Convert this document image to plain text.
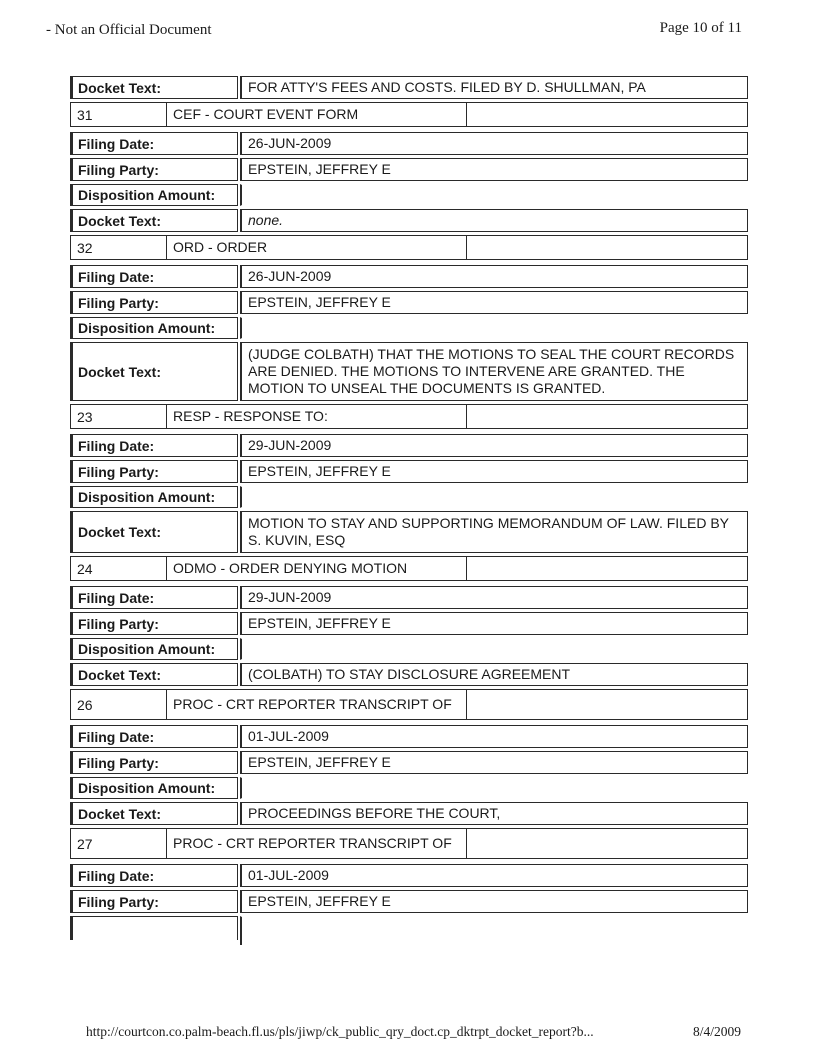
- Not an Official Document	Page 10 of 11
Docket Text:	FOR ATTY'S FEES AND COSTS. FILED BY D. SHULLMAN, PA
31	CEF - COURT EVENT FORM
Filing Date:	26-JUN-2009
Filing Party:	EPSTEIN, JEFFREY E
Disposition Amount:
Docket Text:	none.
32	ORD - ORDER
Filing Date:	26-JUN-2009
Filing Party:	EPSTEIN, JEFFREY E
Disposition Amount:
Docket Text:
(JUDGE COLBATH) THAT THE MOTIONS TO SEAL THE COURT RECORDS ARE DENIED. THE MOTIONS TO INTERVENE ARE GRANTED. THE MOTION TO UNSEAL THE DOCUMENTS IS GRANTED.
23	RESP - RESPONSE TO:
Filing Date:	29-JUN-2009
Filing Party:	EPSTEIN, JEFFREY E
Disposition Amount:
Docket Text:
MOTION TO STAY AND SUPPORTING MEMORANDUM OF LAW. FILED BY S. KUVIN, ESQ
24	ODMO - ORDER DENYING MOTION
Filing Date:	29-JUN-2009
Filing Party:	EPSTEIN, JEFFREY E
Disposition Amount:
Docket Text:	(COLBATH) TO STAY DISCLOSURE AGREEMENT
26	PROC - CRT REPORTER TRANSCRIPT OF
Filing Date:	01-JUL-2009
Filing Party:	EPSTEIN, JEFFREY E
Disposition Amount:
Docket Text:	PROCEEDINGS BEFORE THE COURT,
27	PROC - CRT REPORTER TRANSCRIPT OF
Filing Date:	01-JUL-2009
Filing Party:	EPSTEIN, JEFFREY E
http://courtcon.co.palm-beach.fl.us/pls/jiwp/ck_public_qry_doct.cp_dktrpt_docket_report?b...	8/4/2009
